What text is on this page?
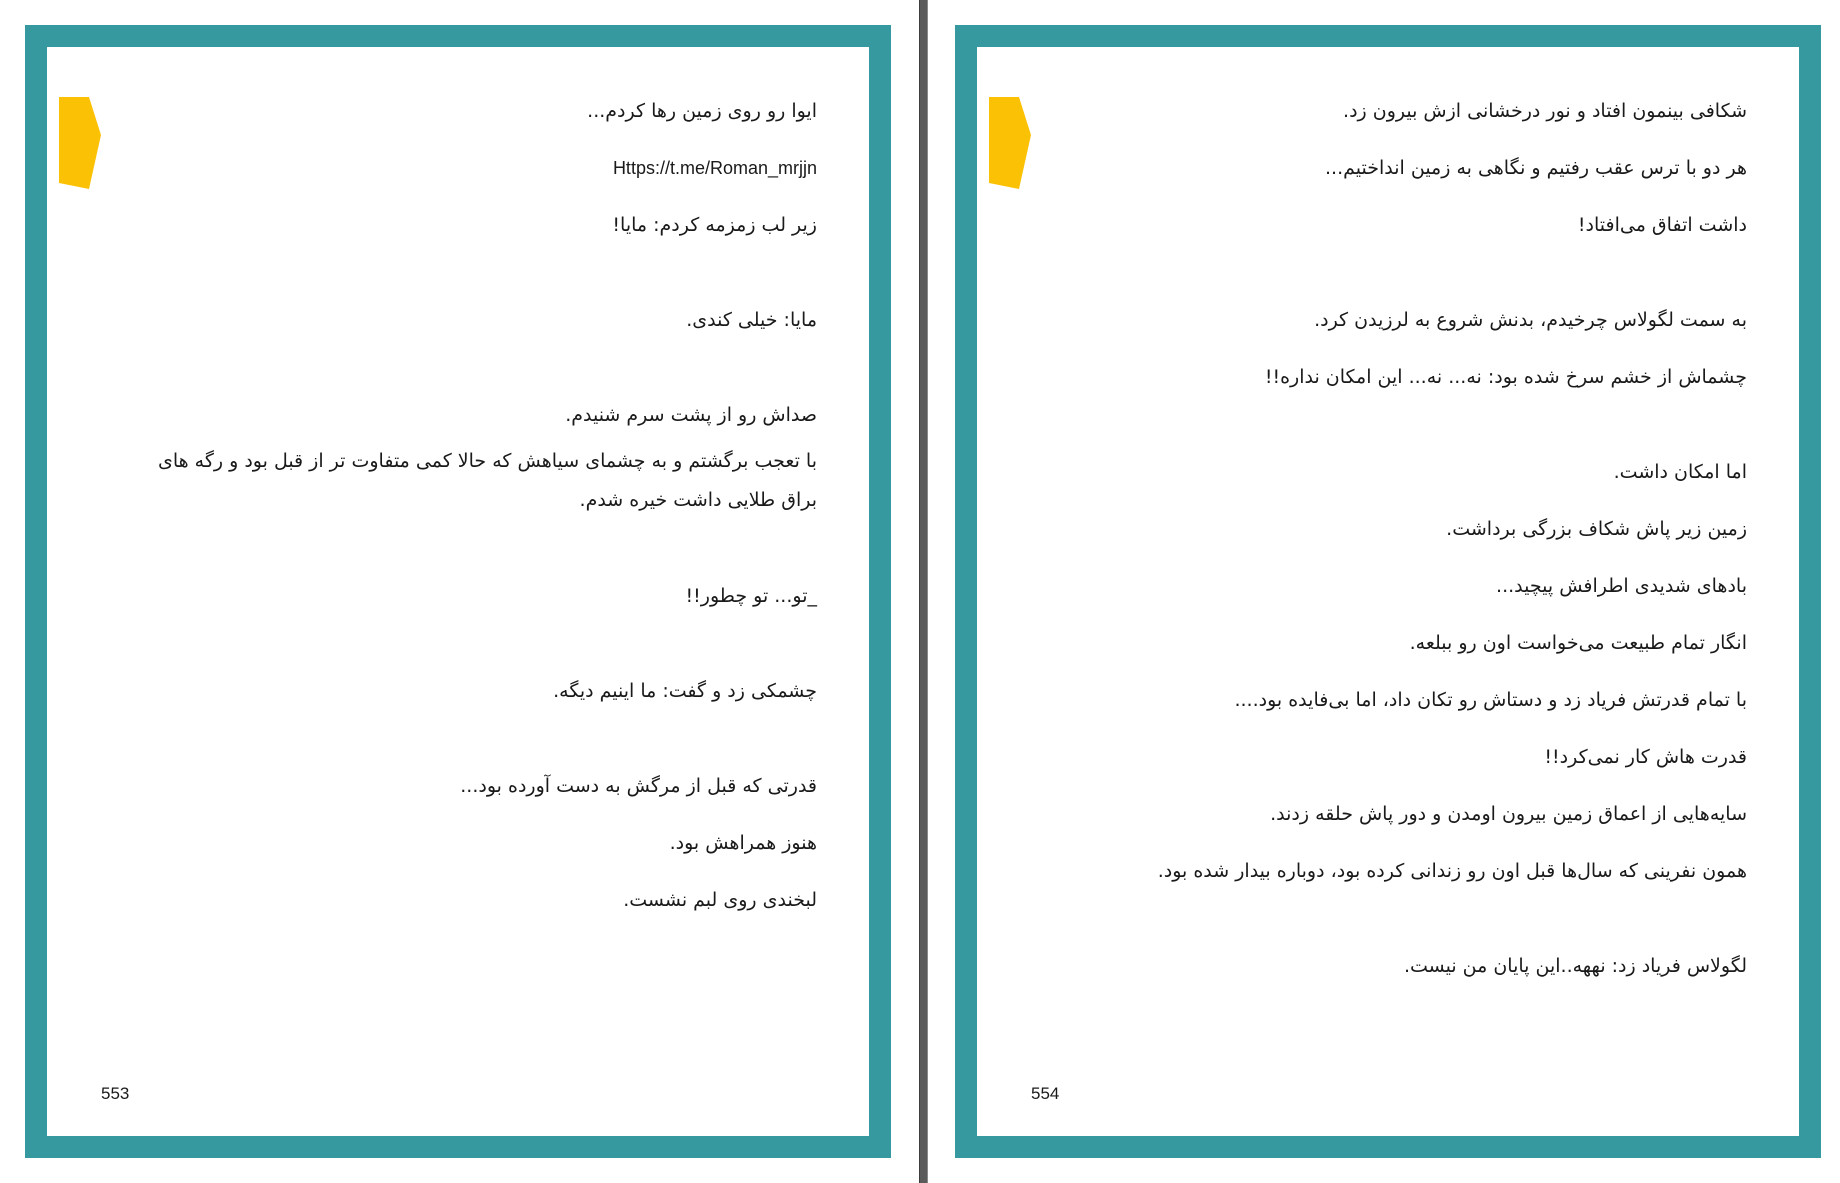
ایوا رو روی زمین رها کردم...

Https://t.me/Roman_mrjjn

زیر لب زمزمه کردم: مایا!

مایا: خیلی کندی.

صداش رو از پشت سرم شنیدم.

با تعجب برگشتم و به چشمای سیاهش که حالا کمی متفاوت تر از قبل بود و رگه های براق طلایی داشت خیره شدم.

_تو... تو چطور!!

چشمکی زد و گفت: ما اینیم دیگه.

قدرتی که قبل از مرگش به دست آورده بود...

هنوز همراهش بود.

لبخندی روی لبم نشست.

553

شکافی بینمون افتاد و نور درخشانی ازش بیرون زد.

هر دو با ترس عقب رفتیم و نگاهی به زمین انداختیم...

داشت اتفاق می‌افتاد!

به سمت لگولاس چرخیدم، بدنش شروع به لرزیدن کرد.

چشماش از خشم سرخ شده بود: نه... نه... این امکان نداره!!

اما امکان داشت.

زمین زیر پاش شکاف بزرگی برداشت.

بادهای شدیدی اطرافش پیچید...

انگار تمام طبیعت می‌خواست اون رو ببلعه.

با تمام قدرتش فریاد زد و دستاش رو تکان داد، اما بی‌فایده بود....

قدرت هاش کار نمی‌کرد!!

سایه‌هایی از اعماق زمین بیرون اومدن و دور پاش حلقه زدند.

همون نفرینی که سال‌ها قبل اون رو زندانی کرده بود، دوباره بیدار شده بود.

لگولاس فریاد زد: نههه..این پایان من نیست.

554
